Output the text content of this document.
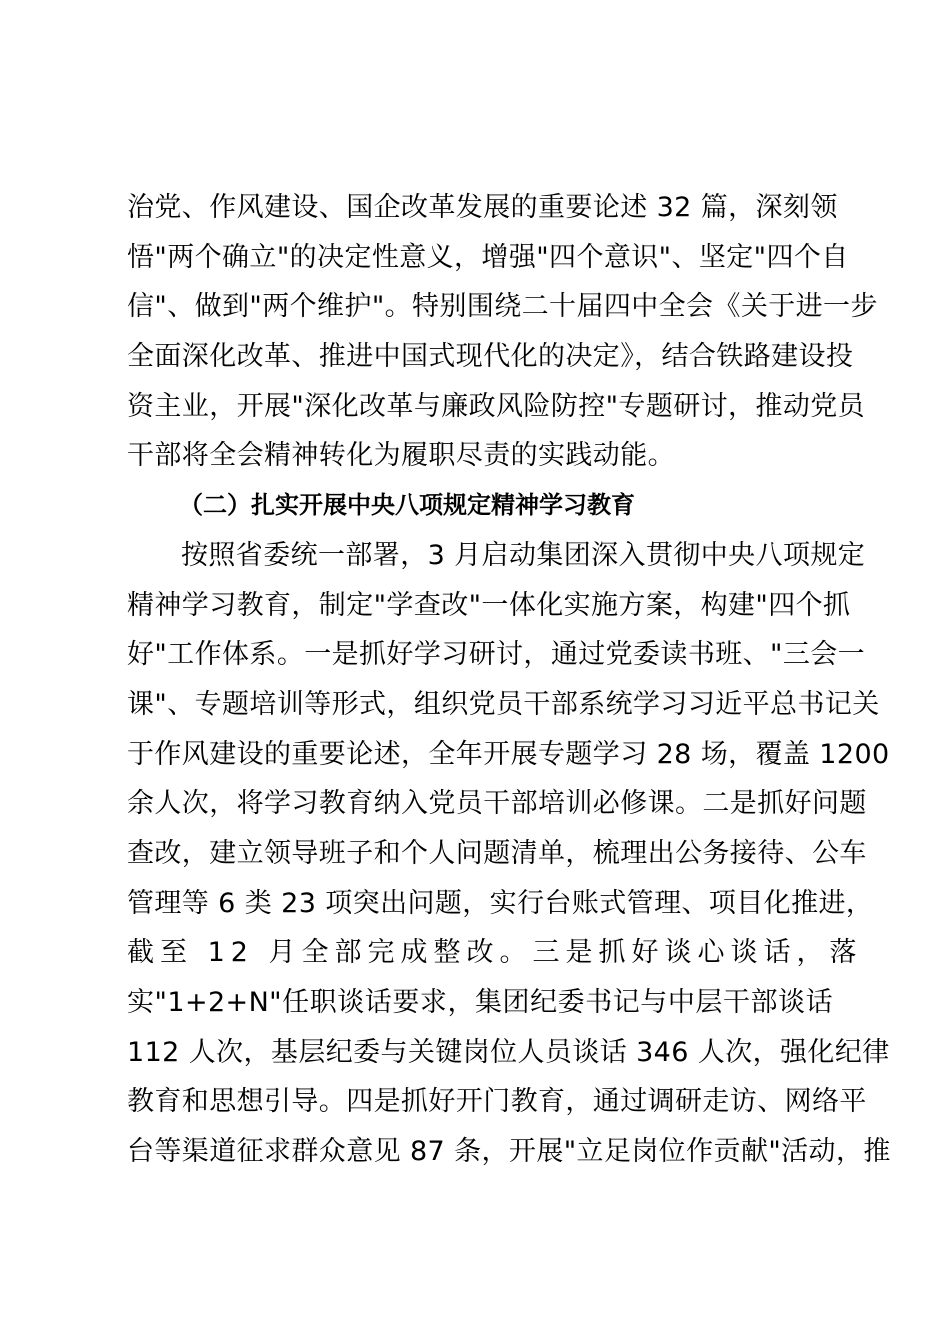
治党、作风建设、国企改革发展的重要论述 32 篇，深刻领
悟"两个确立"的决定性意义，增强"四个意识"、坚定"四个自
信"、做到"两个维护"。特别围绕二十届四中全会《关于进一步
全面深化改革、推进中国式现代化的决定》，结合铁路建设投
资主业，开展"深化改革与廉政风险防控"专题研讨，推动党员
干部将全会精神转化为履职尽责的实践动能。
（二）扎实开展中央八项规定精神学习教育
按照省委统一部署，3 月启动集团深入贯彻中央八项规定
精神学习教育，制定"学查改"一体化实施方案，构建"四个抓
好"工作体系。一是抓好学习研讨，通过党委读书班、"三会一
课"、专题培训等形式，组织党员干部系统学习习近平总书记关
于作风建设的重要论述，全年开展专题学习 28 场，覆盖 1200
余人次，将学习教育纳入党员干部培训必修课。二是抓好问题
查改，建立领导班子和个人问题清单，梳理出公务接待、公车
管理等 6 类 23 项突出问题，实行台账式管理、项目化推进，
截至 12 月全部完成整改。三是抓好谈心谈话，落
实"1+2+N"任职谈话要求，集团纪委书记与中层干部谈话
112 人次，基层纪委与关键岗位人员谈话 346 人次，强化纪律
教育和思想引导。四是抓好开门教育，通过调研走访、网络平
台等渠道征求群众意见 87 条，开展"立足岗位作贡献"活动，推
